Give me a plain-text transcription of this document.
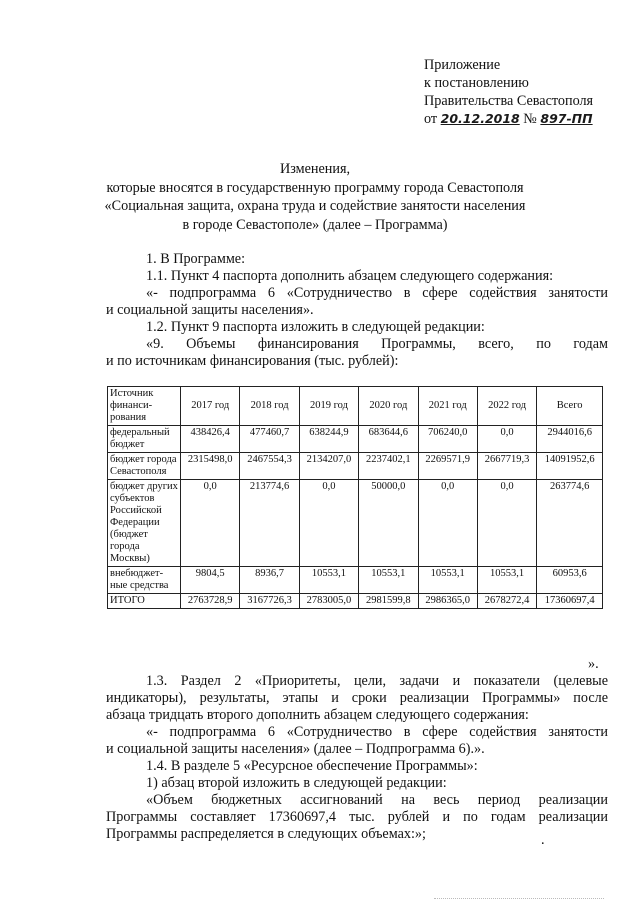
Приложение
к постановлению
Правительства Севастополя
от 20.12.2018 № 897-ПП
Изменения,
которые вносятся в государственную программу города Севастополя
«Социальная защита, охрана труда и содействие занятости населения
в городе Севастополе» (далее – Программа)
1. В Программе:
1.1. Пункт 4 паспорта дополнить абзацем следующего содержания:
«- подпрограмма 6 «Сотрудничество в сфере содействия занятости
и социальной защиты населения».
1.2. Пункт 9 паспорта изложить в следующей редакции:
«9. Объемы финансирования Программы, всего, по годам
и по источникам финансирования (тыс. рублей):
Источник финанси-рования	2017 год	2018 год	2019 год	2020 год	2021 год	2022 год	Всего
федеральный бюджет	438426,4	477460,7	638244,9	683644,6	706240,0	0,0	2944016,6
бюджет города Севастополя	2315498,0	2467554,3	2134207,0	2237402,1	2269571,9	2667719,3	14091952,6
бюджет других субъектов Российской Федерации (бюджет города Москвы)	0,0	213774,6	0,0	50000,0	0,0	0,0	263774,6
внебюджет-ные средства	9804,5	8936,7	10553,1	10553,1	10553,1	10553,1	60953,6
ИТОГО	2763728,9	3167726,3	2783005,0	2981599,8	2986365,0	2678272,4	17360697,4
».
1.3. Раздел 2 «Приоритеты, цели, задачи и показатели (целевые
индикаторы), результаты, этапы и сроки реализации Программы» после
абзаца тридцать второго дополнить абзацем следующего содержания:
«- подпрограмма 6 «Сотрудничество в сфере содействия занятости
и социальной защиты населения» (далее – Подпрограмма 6).».
1.4. В разделе 5 «Ресурсное обеспечение Программы»:
1) абзац второй изложить в следующей редакции:
«Объем бюджетных ассигнований на весь период реализации
Программы составляет 17360697,4 тыс. рублей и по годам реализации
Программы распределяется в следующих объемах:»;	.
